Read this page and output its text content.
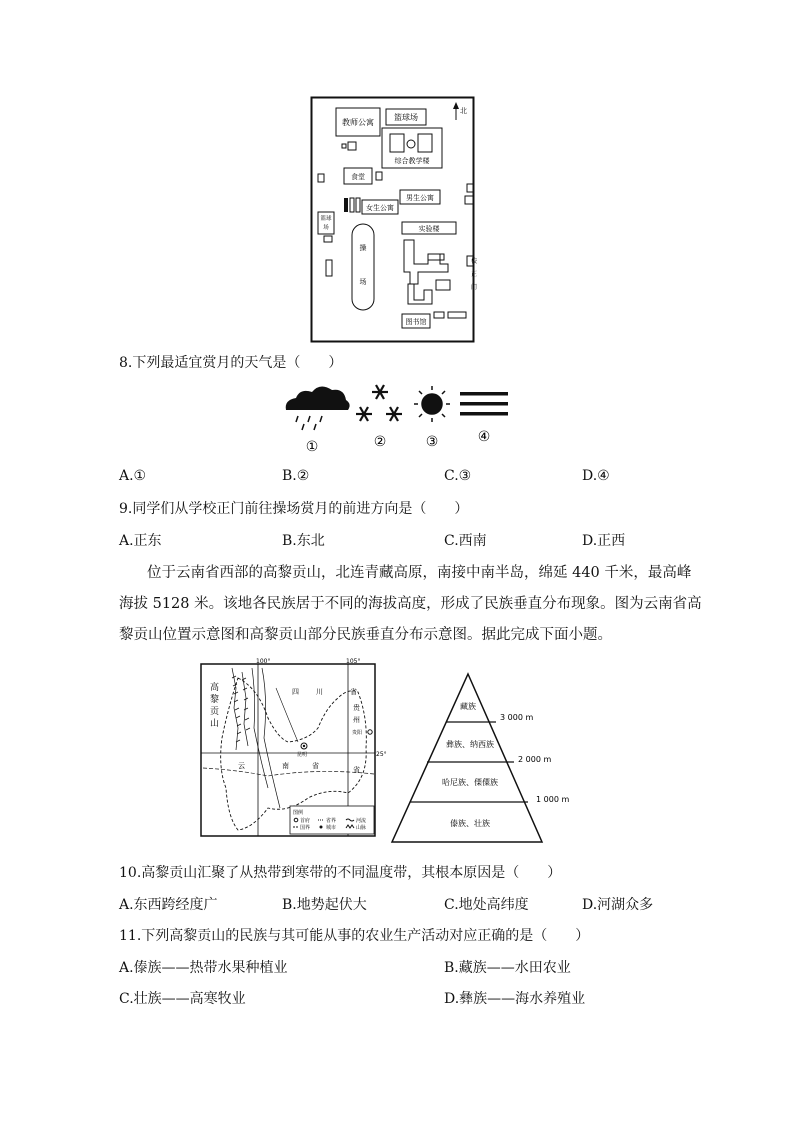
教师公寓
篮球场
北
综合教学楼
食堂
男生公寓
女生公寓
篮球
场	实验楼
操
场
校
正
门
图书馆
8.下列最适宜赏月的天气是（　　）
①	②	③	④
A.①	B.②	C.③	D.④
9.同学们从学校正门前往操场赏月的前进方向是（　　）
A.正东	B.东北	C.西南	D.正西

位于云南省西部的高黎贡山，北连青藏高原，南接中南半岛，绵延 440 千米，最高峰

海拔 5128 米。该地各民族居于不同的海拔高度，形成了民族垂直分布现象。图为云南省高

黎贡山位置示意图和高黎贡山部分民族垂直分布示意图。据此完成下面小题。

100°	105°
25°
高
黎
贡
山
四 川	省
贵
州
省
云	南	省
昆明
贵阳
图例
首府
国界
省界	河流
城市	山脉
藏族
彝族、纳西族
哈尼族、傈僳族
傣族、壮族
3 000 m
2 000 m
1 000 m
10.高黎贡山汇聚了从热带到寒带的不同温度带，其根本原因是（　　）
A.东西跨经度广	B.地势起伏大	C.地处高纬度	D.河湖众多
11.下列高黎贡山的民族与其可能从事的农业生产活动对应正确的是（　　）
A.傣族——热带水果种植业	B.藏族——水田农业
C.壮族——高寒牧业	D.彝族——海水养殖业
